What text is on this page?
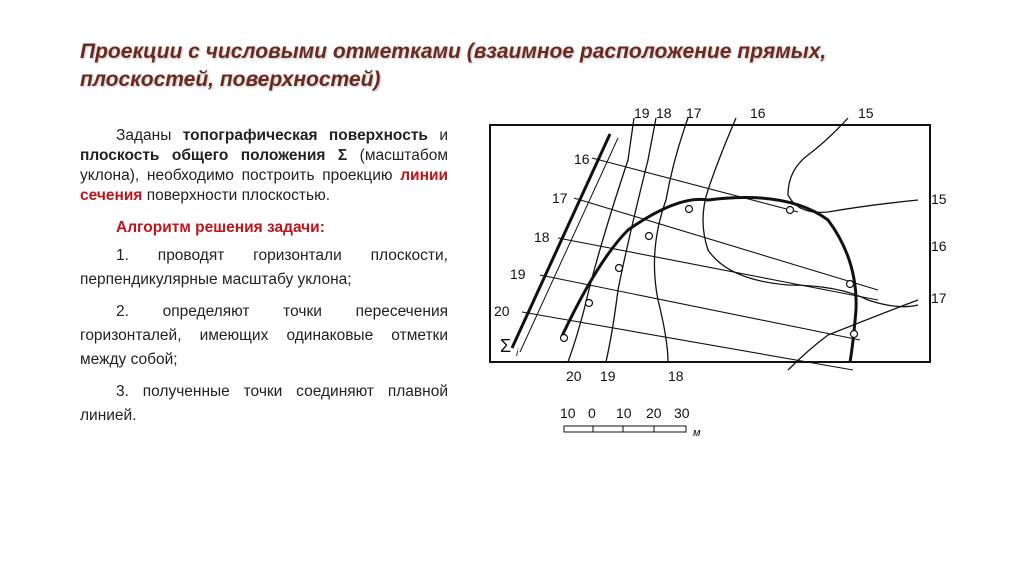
Проекции с числовыми отметками (взаимное расположение прямых, плоскостей, поверхностей)

Заданы топографическая поверхность и плоскость общего положения Σ (масштабом уклона), необходимо построить проекцию линии сечения поверхности плоскостью.

Алгоритм решения задачи:

1. проводят горизонтали плоскости, перпендикулярные масштабу уклона;

2. определяют точки пересечения горизонталей, имеющих одинаковые отметки между собой;

3. полученные точки соединяют плавной линией.

19 18 17	16	15
15
16
17
20
19
18
17
16
Σ i
20 19	18
10 0 10 20 30
м
